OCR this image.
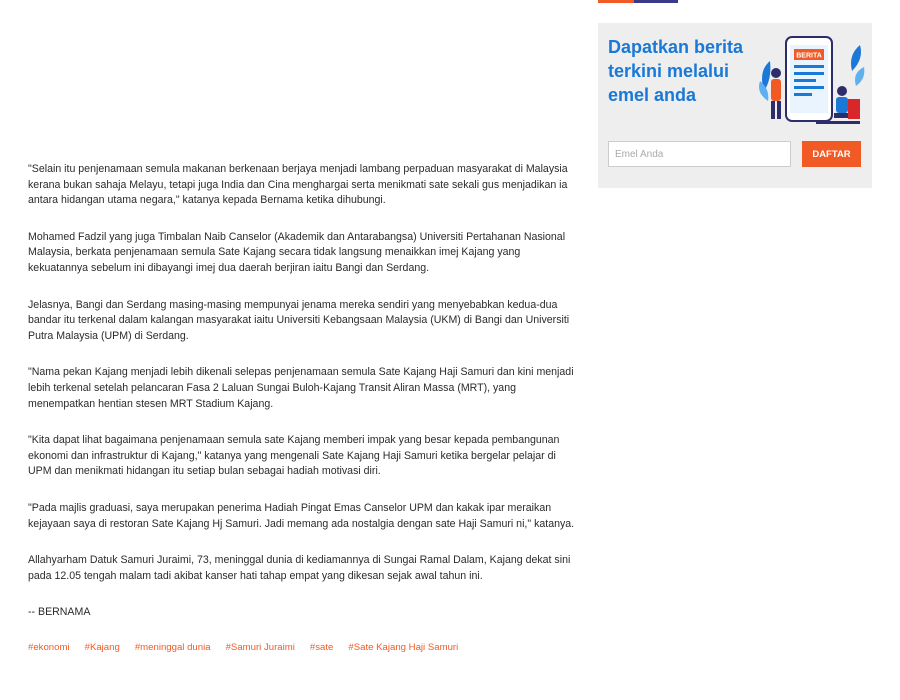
"Selain itu penjenamaan semula makanan berkenaan berjaya menjadi lambang perpaduan masyarakat di Malaysia kerana bukan sahaja Melayu, tetapi juga India dan Cina menghargai serta menikmati sate sekali gus menjadikan ia antara hidangan utama negara," katanya kepada Bernama ketika dihubungi.

Mohamed Fadzil yang juga Timbalan Naib Canselor (Akademik dan Antarabangsa) Universiti Pertahanan Nasional Malaysia, berkata penjenamaan semula Sate Kajang secara tidak langsung menaikkan imej Kajang yang kekuatannya sebelum ini dibayangi imej dua daerah berjiran iaitu Bangi dan Serdang.

Jelasnya, Bangi dan Serdang masing-masing mempunyai jenama mereka sendiri yang menyebabkan kedua-dua bandar itu terkenal dalam kalangan masyarakat iaitu Universiti Kebangsaan Malaysia (UKM) di Bangi dan Universiti Putra Malaysia (UPM) di Serdang.

"Nama pekan Kajang menjadi lebih dikenali selepas penjenamaan semula Sate Kajang Haji Samuri dan kini menjadi lebih terkenal setelah pelancaran Fasa 2 Laluan Sungai Buloh-Kajang Transit Aliran Massa (MRT), yang menempatkan hentian stesen MRT Stadium Kajang.

"Kita dapat lihat bagaimana penjenamaan semula sate Kajang memberi impak yang besar kepada pembangunan ekonomi dan infrastruktur di Kajang," katanya yang mengenali Sate Kajang Haji Samuri ketika bergelar pelajar di UPM dan menikmati hidangan itu setiap bulan sebagai hadiah motivasi diri.

"Pada majlis graduasi, saya merupakan penerima Hadiah Pingat Emas Canselor UPM dan kakak ipar meraikan kejayaan saya di restoran Sate Kajang Hj Samuri. Jadi memang ada nostalgia dengan sate Haji Samuri ni," katanya.

Allahyarham Datuk Samuri Juraimi, 73, meninggal dunia di kediamannya di Sungai Ramal Dalam, Kajang dekat sini pada 12.05 tengah malam tadi akibat kanser hati tahap empat yang dikesan sejak awal tahun ini.

-- BERNAMA

#ekonomi #Kajang #meninggal dunia #Samuri Juraimi #sate #Sate Kajang Haji Samuri
Dapatkan berita terkini melalui emel anda
BERITA
Emel Anda
DAFTAR
